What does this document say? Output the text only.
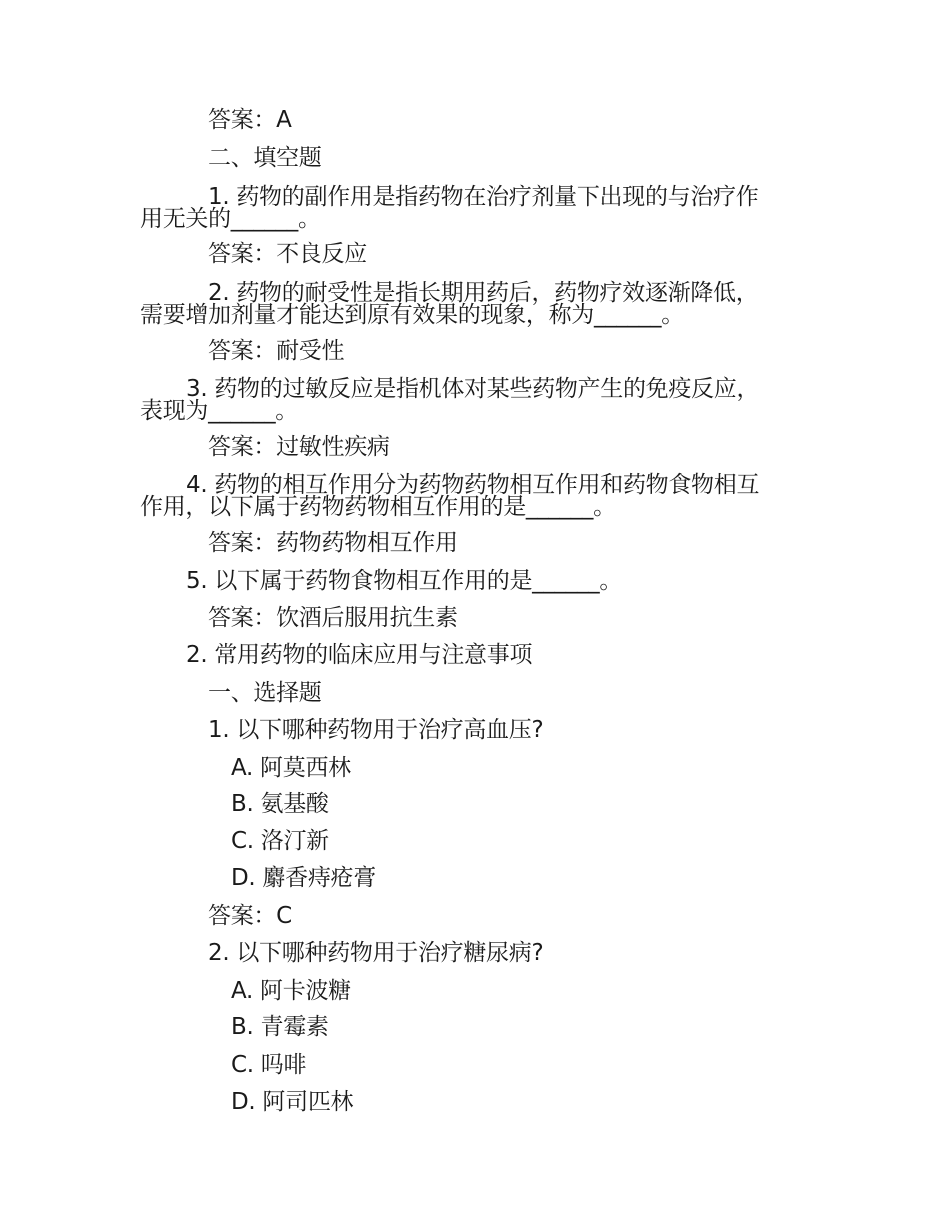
答案：A
二、填空题
1. 药物的副作用是指药物在治疗剂量下出现的与治疗作
用无关的______。
答案：不良反应
2. 药物的耐受性是指长期用药后，药物疗效逐渐降低，
需要增加剂量才能达到原有效果的现象，称为______。
答案：耐受性
3. 药物的过敏反应是指机体对某些药物产生的免疫反应，
表现为______。
答案：过敏性疾病
4. 药物的相互作用分为药物药物相互作用和药物食物相互
作用，以下属于药物药物相互作用的是______。
答案：药物药物相互作用
5. 以下属于药物食物相互作用的是______。
答案：饮酒后服用抗生素
2. 常用药物的临床应用与注意事项
一、选择题
1. 以下哪种药物用于治疗高血压?
A. 阿莫西林
B. 氨基酸
C. 洛汀新
D. 麝香痔疮膏
答案：C
2. 以下哪种药物用于治疗糖尿病?
A. 阿卡波糖
B. 青霉素
C. 吗啡
D. 阿司匹林
